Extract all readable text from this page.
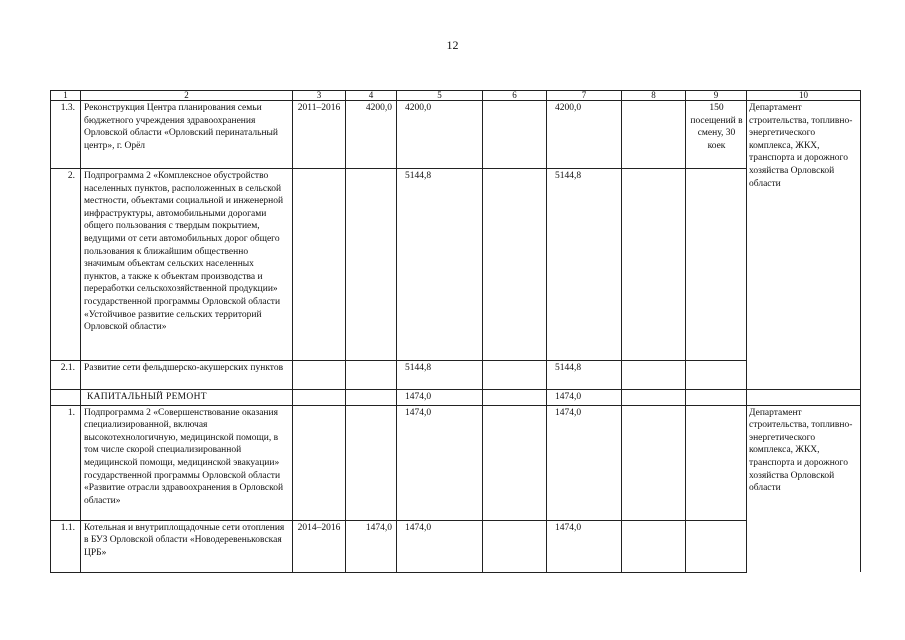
12
1	2	3	4	5	6	7	8	9	10
1.3.	Реконструкция Центра планирования семьи бюджетного учреждения здравоохранения Орловской области «Орловский перинатальный центр», г. Орёл	2011–2016	4200,0	4200,0		4200,0		150 посещений в смену, 30 коек	Департамент строительства, топливно-энергетического комплекса, ЖКХ, транспорта и дорожного хозяйства Орловской области
2.	Подпрограмма 2 «Комплексное обустройство населенных пунктов, расположенных в сельской местности, объектами социальной и инженерной инфраструктуры, автомобильными дорогами общего пользования с твердым покрытием, ведущими от сети автомобильных дорог общего пользования к ближайшим общественно значимым объектам сельских населенных пунктов, а также к объектам производства и переработки сельскохозяйственной продукции» государственной программы Орловской области «Устойчивое развитие сельских территорий Орловской области»			5144,8		5144,8			
2.1.	Развитие сети фельдшерско-акушерских пунктов			5144,8		5144,8			
	КАПИТАЛЬНЫЙ РЕМОНТ			1474,0		1474,0			
1.	Подпрограмма 2 «Совершенствование оказания специализированной, включая высокотехнологичную, медицинской помощи, в том числе скорой специализированной медицинской помощи, медицинской эвакуации» государственной программы Орловской области «Развитие отрасли здравоохранения в Орловской области»			1474,0		1474,0			Департамент строительства, топливно-энергетического комплекса, ЖКХ, транспорта и дорожного хозяйства Орловской области
1.1.	Котельная и внутриплощадочные сети отопления в БУЗ Орловской области «Новодеревеньковская ЦРБ»	2014–2016	1474,0	1474,0		1474,0			
